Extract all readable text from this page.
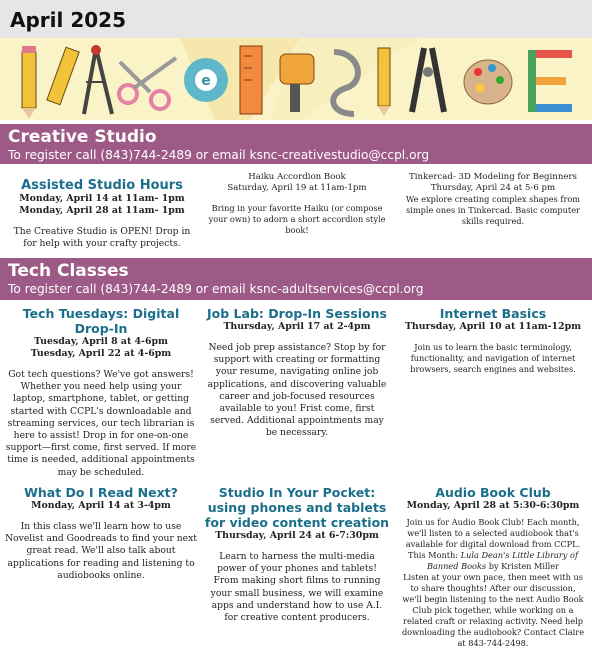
April 2025
e
Creative Studio
To register call (843)744-2489 or email ksnc-creativestudio@ccpl.org

Assisted Studio Hours

Monday, April 14 at 11am- 1pm

Monday, April 28 at 11am- 1pm

The Creative Studio is OPEN! Drop in for help with your crafty projects.

Haiku Accordion Book

Saturday, April 19 at 11am-1pm

Bring in your favorite Haiku (or compose your own) to adorn a short accordion style book!

Tinkercad- 3D Modeling for Beginners

Thursday, April 24 at 5-6 pm

We explore creating complex shapes from simple ones in Tinkercad. Basic computer skills required.

Tech Classes
To register call (843)744-2489 or email ksnc-adultservices@ccpl.org

Tech Tuesdays: Digital Drop-In

Tuesday, April 8 at 4-6pm

Tuesday, April 22 at 4-6pm

Got tech questions? We've got answers! Whether you need help using your laptop, smartphone, tablet, or getting started with CCPL's downloadable and streaming services, our tech librarian is here to assist! Drop in for one-on-one support—first come, first served. If more time is needed, additional appointments may be scheduled.

Job Lab: Drop-In Sessions

Thursday, April 17 at 2-4pm

Need job prep assistance? Stop by for support with creating or formatting your resume, navigating online job applications, and discovering valuable career and job-focused resources available to you! Frist come, first served. Additional appointments may be necessary.

Internet Basics

Thursday, April 10 at 11am-12pm

Join us to learn the basic terminology, functionality, and navigation of internet browsers, search engines and websites.

What Do I Read Next?

Monday, April 14 at 3-4pm

In this class we'll learn how to use Novelist and Goodreads to find your next great read. We'll also talk about applications for reading and listening to audiobooks online.

Studio In Your Pocket: using phones and tablets for video content creation

Thursday, April 24 at 6-7:30pm

Learn to harness the multi-media power of your phones and tablets! From making short films to running your small business, we will examine apps and understand how to use A.I. for creative content producers.

Audio Book Club

Monday, April 28 at 5:30-6:30pm

Join us for Audio Book Club! Each month, we'll listen to a selected audiobook that's available for digital download from CCPL.

This Month: Lula Dean's Little Library of Banned Books by Kristen Miller

Listen at your own pace, then meet with us to share thoughts! After our discussion, we'll begin listening to the next Audio Book Club pick together, while working on a related craft or relaxing activity. Need help downloading the audiobook? Contact Claire at 843-744-2498.
